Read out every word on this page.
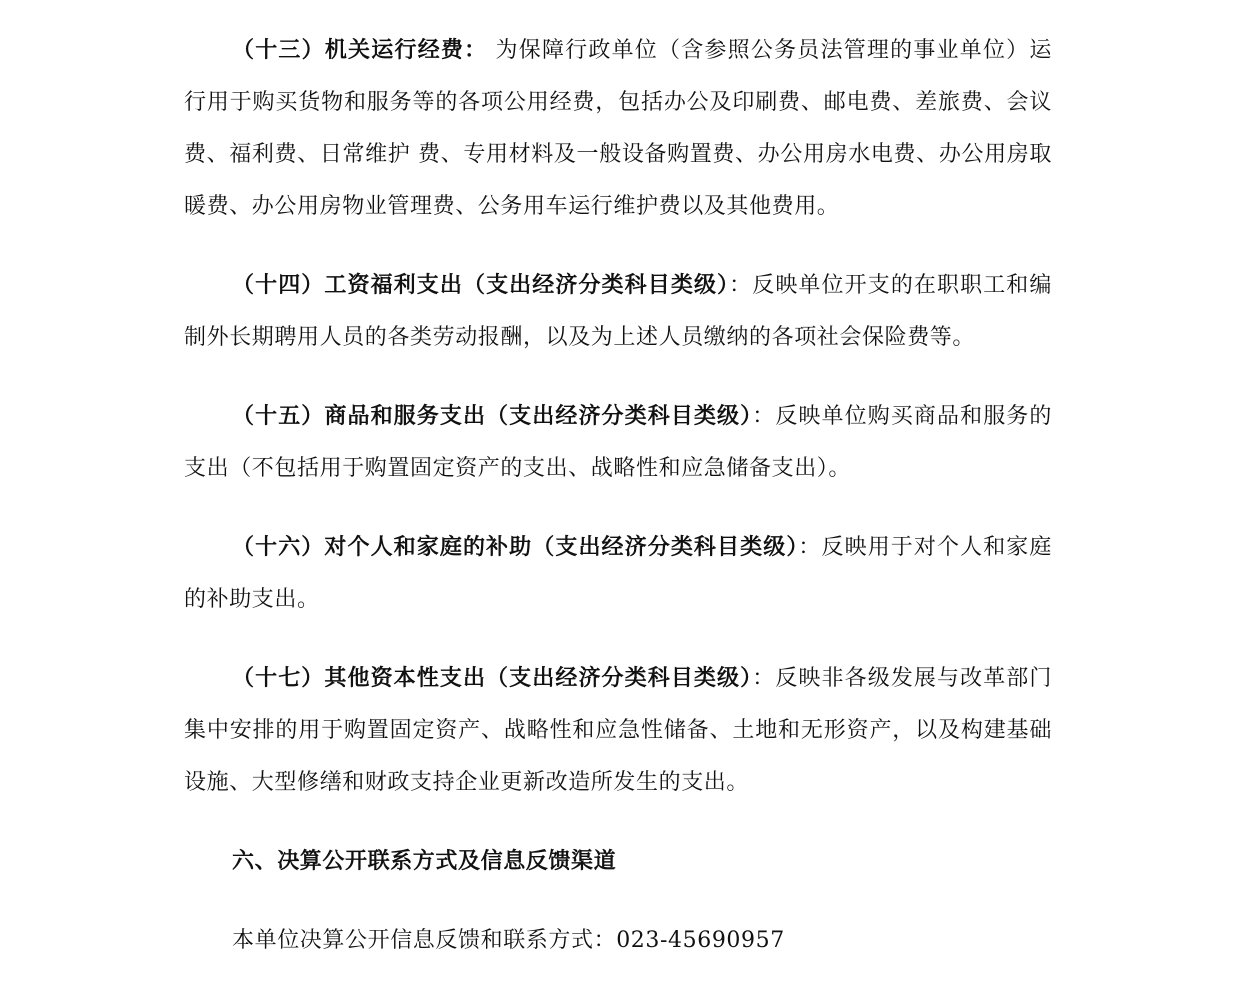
（十三）机关运行经费： 为保障行政单位（含参照公务员法管理的事业单位）运行用于购买货物和服务等的各项公用经费，包括办公及印刷费、邮电费、差旅费、会议费、福利费、日常维护 费、专用材料及一般设备购置费、办公用房水电费、办公用房取暖费、办公用房物业管理费、公务用车运行维护费以及其他费用。

（十四）工资福利支出（支出经济分类科目类级）：反映单位开支的在职职工和编制外长期聘用人员的各类劳动报酬，以及为上述人员缴纳的各项社会保险费等。

（十五）商品和服务支出（支出经济分类科目类级）：反映单位购买商品和服务的支出（不包括用于购置固定资产的支出、战略性和应急储备支出）。

（十六）对个人和家庭的补助（支出经济分类科目类级）：反映用于对个人和家庭的补助支出。

（十七）其他资本性支出（支出经济分类科目类级）：反映非各级发展与改革部门集中安排的用于购置固定资产、战略性和应急性储备、土地和无形资产，以及构建基础设施、大型修缮和财政支持企业更新改造所发生的支出。

六、决算公开联系方式及信息反馈渠道

本单位决算公开信息反馈和联系方式：023-45690957
